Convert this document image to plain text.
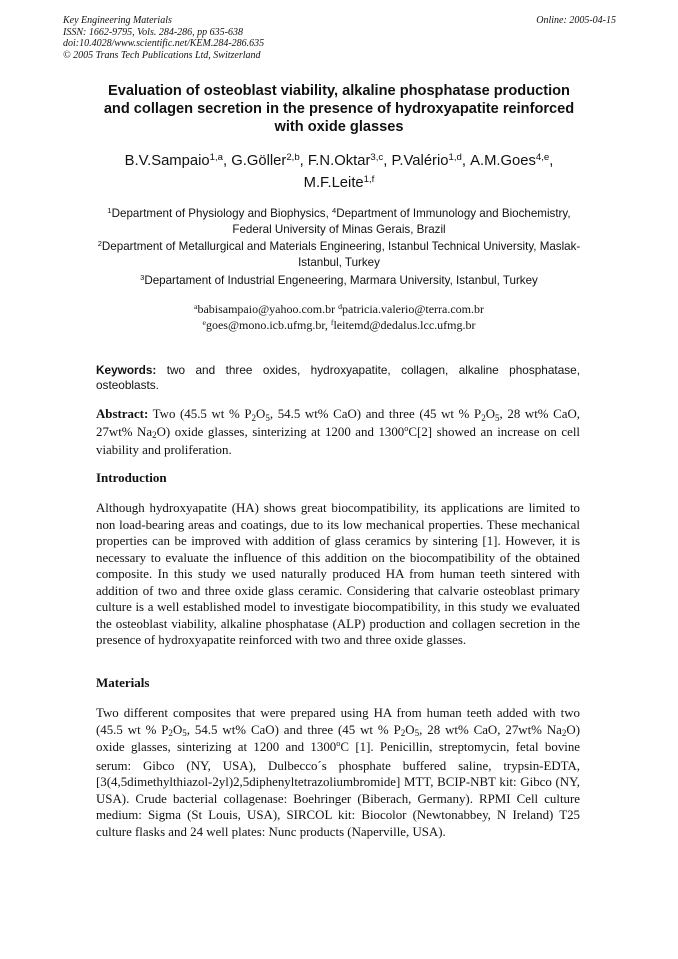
Key Engineering Materials
ISSN: 1662-9795, Vols. 284-286, pp 635-638
doi:10.4028/www.scientific.net/KEM.284-286.635
© 2005 Trans Tech Publications Ltd, Switzerland
Online: 2005-04-15
Evaluation of osteoblast viability, alkaline phosphatase production and collagen secretion in the presence of hydroxyapatite reinforced with oxide glasses
B.V.Sampaio$^{1,a}$, G.Göller$^{2,b}$, F.N.Oktar$^{3,c}$, P.Valério$^{1,d}$, A.M.Goes$^{4,e}$, M.F.Leite$^{1,f}$
$^1$Department of Physiology and Biophysics, $^4$Department of Immunology and Biochemistry, Federal University of Minas Gerais, Brazil
$^2$Department of Metallurgical and Materials Engineering, Istanbul Technical University, Maslak-Istanbul, Turkey
$^3$Departament of Industrial Engeneering, Marmara University, Istanbul, Turkey
$^a$babisampaio@yahoo.com.br $^d$patricia.valerio@terra.com.br
$^e$goes@mono.icb.ufmg.br, $^f$leitemd@dedalus.lcc.ufmg.br
Keywords: two and three oxides, hydroxyapatite, collagen, alkaline phosphatase, osteoblasts.
Abstract: Two (45.5 wt % $P_2O_5$, 54.5 wt% CaO) and three (45 wt % $P_2O_5$, 28 wt% CaO, 27wt% $Na_2O$) oxide glasses, sinterizing at 1200 and 1300$^o$C[2] showed an increase on cell viability and proliferation.
Introduction
Although hydroxyapatite (HA) shows great biocompatibility, its applications are limited to non load-bearing areas and coatings, due to its low mechanical properties. These mechanical properties can be improved with addition of glass ceramics by sintering [1]. However, it is necessary to evaluate the influence of this addition on the biocompatibility of the obtained composite. In this study we used naturally produced HA from human teeth sintered with addition of two and three oxide glass ceramic. Considering that calvarie osteoblast primary culture is a well established model to investigate biocompatibility, in this study we evaluated the osteoblast viability, alkaline phosphatase (ALP) production and collagen secretion in the presence of hydroxyapatite reinforced with two and three oxide glasses.
Materials
Two different composites that were prepared using HA from human teeth added with two (45.5 wt % $P_2O_5$, 54.5 wt% CaO) and three (45 wt % $P_2O_5$, 28 wt% CaO, 27wt% $Na_2O$) oxide glasses, sinterizing at 1200 and 1300$^o$C [1]. Penicillin, streptomycin, fetal bovine serum: Gibco (NY, USA), Dulbecco´s phosphate buffered saline, trypsin-EDTA, [3(4,5dimethylthiazol-2yl)2,5diphenyltetrazoliumbromide] MTT, BCIP-NBT kit: Gibco (NY, USA). Crude bacterial collagenase: Boehringer (Biberach, Germany). RPMI Cell culture medium: Sigma (St Louis, USA), SIRCOL kit: Biocolor (Newtonabbey, N Ireland) T25 culture flasks and 24 well plates: Nunc products (Naperville, USA).
